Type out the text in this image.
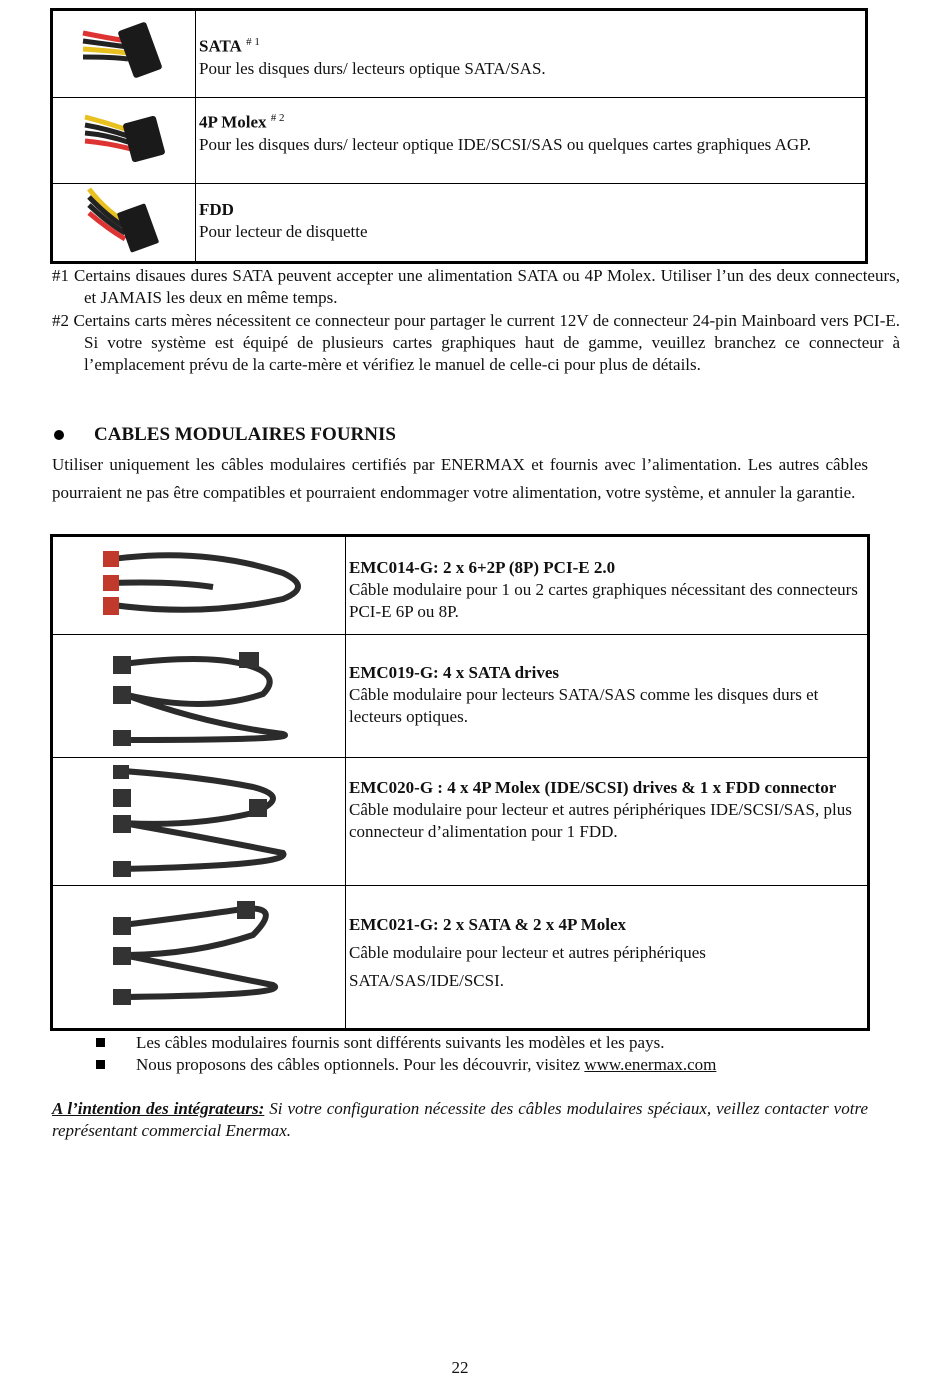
SATA $^{\# 1}$
Pour les disques durs/ lecteurs optique SATA/SAS.
4P Molex $^{\# 2}$
Pour les disques durs/ lecteur optique IDE/SCSI/SAS ou quelques cartes graphiques AGP.
FDD
Pour lecteur de disquette
#1 Certains disaues dures SATA peuvent accepter une alimentation SATA ou 4P Molex. Utiliser l’un des deux connecteurs, et JAMAIS les deux en même temps.
#2 Certains carts mères nécessitent ce connecteur pour partager le current 12V de connecteur 24-pin Mainboard vers PCI-E. Si votre système est équipé de plusieurs cartes graphiques haut de gamme, veuillez branchez ce connecteur à l’emplacement prévu de la carte-mère et vérifiez le manuel de celle-ci pour plus de détails.
CABLES MODULAIRES FOURNIS
Utiliser uniquement les câbles modulaires certifiés par ENERMAX et fournis avec l’alimentation. Les autres câbles pourraient ne pas être compatibles et pourraient endommager votre alimentation, votre système, et annuler la garantie.
EMC014-G: 2 x 6+2P (8P) PCI-E 2.0
Câble modulaire pour 1 ou 2 cartes graphiques nécessitant des connecteurs PCI-E 6P ou 8P.
EMC019-G: 4 x SATA drives
Câble modulaire pour lecteurs SATA/SAS comme les disques durs et lecteurs optiques.
EMC020-G : 4 x 4P Molex (IDE/SCSI) drives & 1 x FDD connector
Câble modulaire pour lecteur et autres périphériques IDE/SCSI/SAS, plus connecteur d’alimentation pour 1 FDD.
EMC021-G: 2 x SATA & 2 x 4P Molex
Câble modulaire pour lecteur et autres périphériques SATA/SAS/IDE/SCSI.
Les câbles modulaires fournis sont différents suivants les modèles et les pays.
Nous proposons des câbles optionnels. Pour les découvrir, visitez www.enermax.com
A l’intention des intégrateurs: Si votre configuration nécessite des câbles modulaires spéciaux, veillez contacter votre représentant commercial Enermax.
22
